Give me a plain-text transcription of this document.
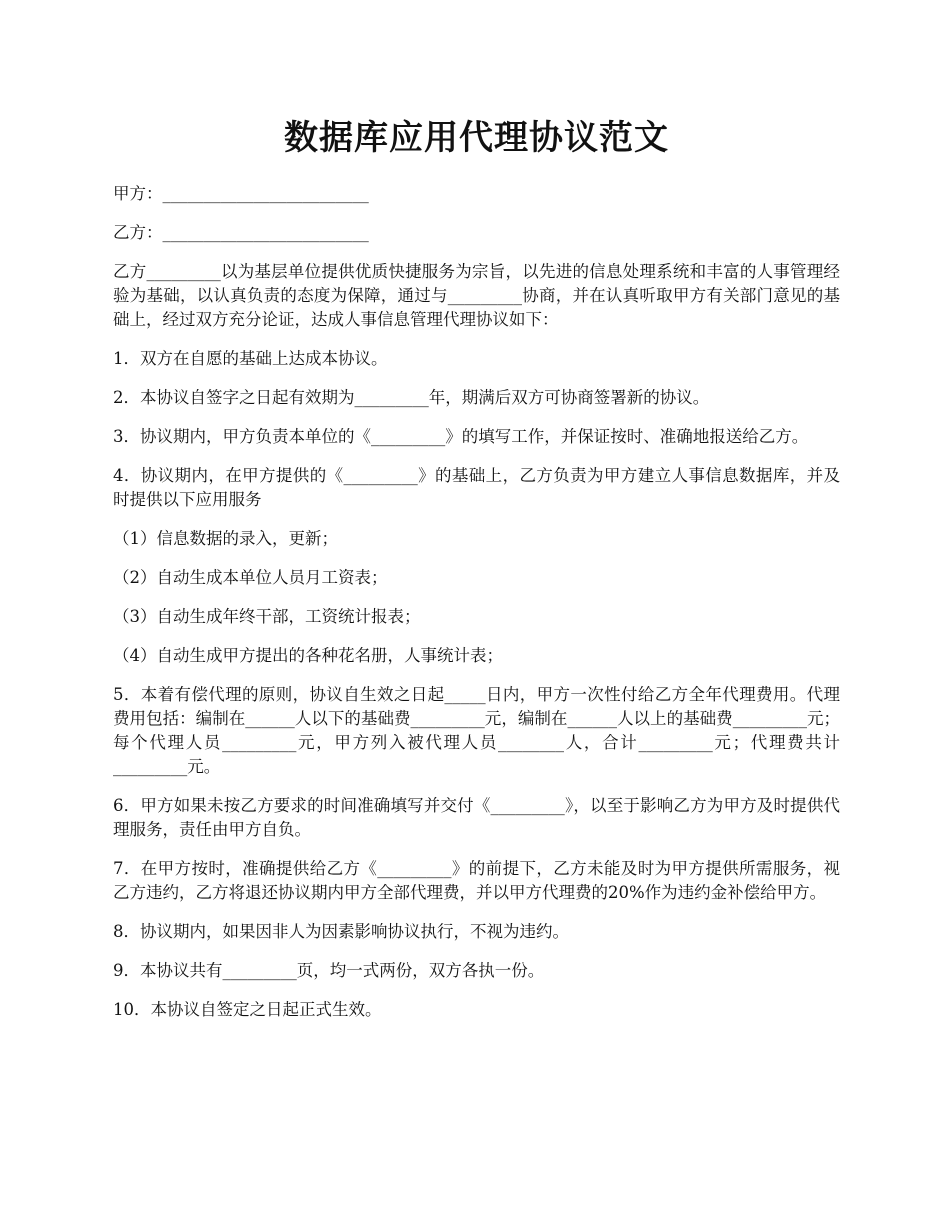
数据库应用代理协议范文

甲方：_________________________

乙方：_________________________

乙方_________以为基层单位提供优质快捷服务为宗旨，以先进的信息处理系统和丰富的人事管理经验为基础，以认真负责的态度为保障，通过与_________协商，并在认真听取甲方有关部门意见的基础上，经过双方充分论证，达成人事信息管理代理协议如下：

1．双方在自愿的基础上达成本协议。

2．本协议自签字之日起有效期为_________年，期满后双方可协商签署新的协议。

3．协议期内，甲方负责本单位的《_________》的填写工作，并保证按时、准确地报送给乙方。

4．协议期内，在甲方提供的《_________》的基础上，乙方负责为甲方建立人事信息数据库，并及时提供以下应用服务

（1）信息数据的录入，更新；

（2）自动生成本单位人员月工资表；

（3）自动生成年终干部，工资统计报表；

（4）自动生成甲方提出的各种花名册，人事统计表；

5．本着有偿代理的原则，协议自生效之日起_____日内，甲方一次性付给乙方全年代理费用。代理费用包括：编制在______人以下的基础费_________元，编制在______人以上的基础费_________元；每个代理人员_________元，甲方列入被代理人员________人，合计_________元；代理费共计_________元。

6．甲方如果未按乙方要求的时间准确填写并交付《_________》，以至于影响乙方为甲方及时提供代理服务，责任由甲方自负。

7．在甲方按时，准确提供给乙方《_________》的前提下，乙方未能及时为甲方提供所需服务，视乙方违约，乙方将退还协议期内甲方全部代理费，并以甲方代理费的20%作为违约金补偿给甲方。

8．协议期内，如果因非人为因素影响协议执行，不视为违约。

9．本协议共有_________页，均一式两份，双方各执一份。

10．本协议自签定之日起正式生效。
